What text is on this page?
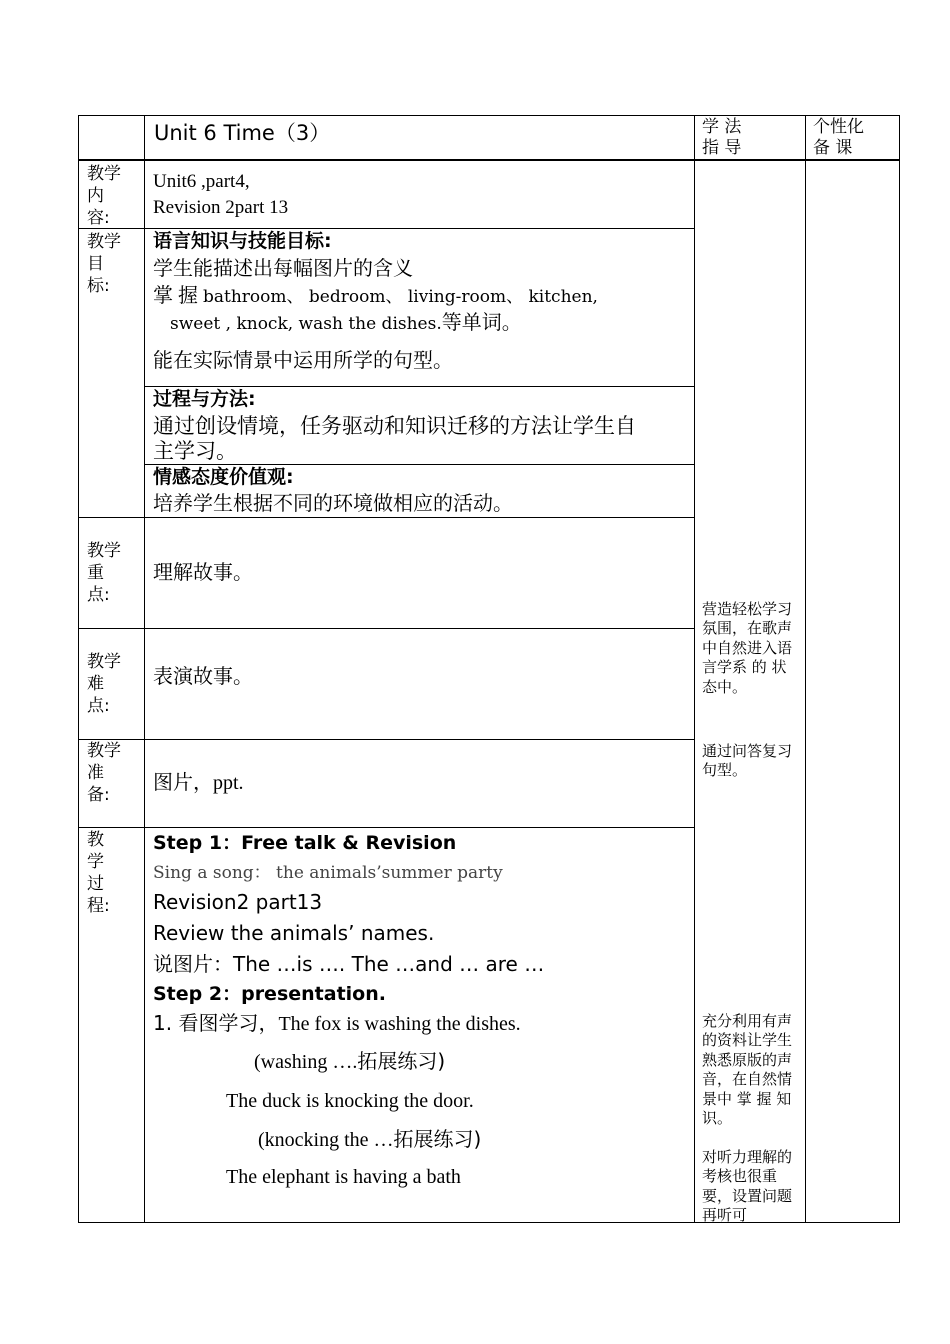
Unit 6 Time（3）	学 法
指 导
个性化
备 课
教学
内
容:
Unit6 ,part4,
Revision 2part 13
教学
目
标:
语言知识与技能目标:
学生能描述出每幅图片的含义
掌握bathroom、 bedroom、 living-room、 kitchen,
sweet , knock, wash the dishes.等单词。
能在实际情景中运用所学的句型。
过程与方法:
通过创设情境，任务驱动和知识迁移的方法让学生自
主学习。
情感态度价值观:
培养学生根据不同的环境做相应的活动。
教学
重
点:
理解故事。
教学
难
点:
表演故事。
教学
准
备:
图片，ppt.
教
学
过
程:
Step 1：Free talk & Revision
Sing a song： the animals’summer party
Revision2 part13
Review the animals’ names.
说图片：The …is …. The …and … are …
Step 2：presentation.
1. 看图学习，The fox is washing the dishes.
(washing ….拓展练习)
The duck is knocking the door.
(knocking the …拓展练习)
The elephant is having a bath
营造轻松学习氛围，在歌声中自然进入语言学系 的 状 态中。
通过问答复习句型。
充分利用有声的资料让学生熟悉原版的声音，在自然情景中 掌 握 知识。
对听力理解的考核也很重要，设置问题再听可
